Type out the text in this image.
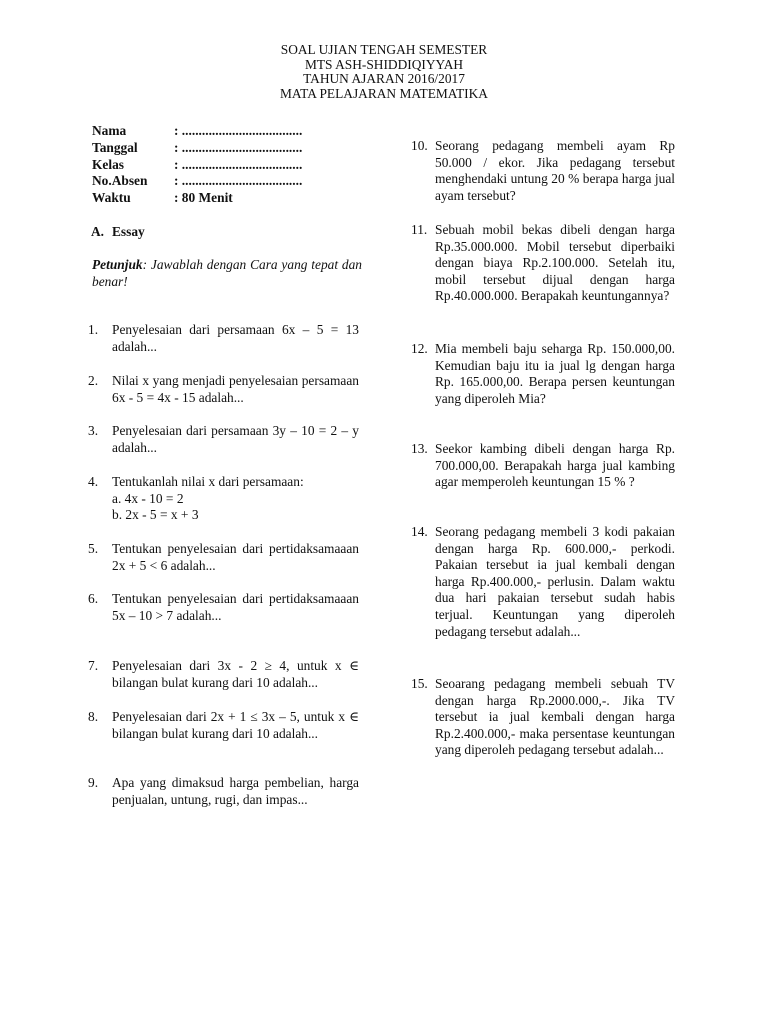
SOAL UJIAN TENGAH SEMESTER
MTS ASH-SHIDDIQIYYAH
TAHUN AJARAN 2016/2017
MATA PELAJARAN MATEMATIKA
Nama	: ....................................
Tanggal	: ....................................
Kelas	: ....................................
No.Absen	: ....................................
Waktu	: 80 Menit
A. Essay
Petunjuk: Jawablah dengan Cara yang tepat dan benar!
1.	Penyelesaian dari persamaan 6x – 5 = 13 adalah...
2.	Nilai x yang menjadi penyelesaian persamaan 6x - 5 = 4x - 15 adalah...
3.	Penyelesaian dari persamaan 3y – 10 = 2 – y adalah...
4.	Tentukanlah nilai x dari persamaan:
a. 4x - 10 = 2
b. 2x - 5 = x + 3
5.	Tentukan penyelesaian dari pertidaksamaaan 2x + 5 < 6 adalah...
6.	Tentukan penyelesaian dari pertidaksamaaan 5x – 10 > 7 adalah...
7.	Penyelesaian dari 3x - 2 ≥ 4, untuk x ∈ bilangan bulat kurang dari 10 adalah...
8.	Penyelesaian dari 2x + 1 ≤ 3x – 5, untuk x ∈ bilangan bulat kurang dari 10 adalah...
9.	Apa yang dimaksud harga pembelian, harga penjualan, untung, rugi, dan impas...
10. Seorang pedagang membeli ayam Rp 50.000 / ekor. Jika pedagang tersebut menghendaki untung 20 % berapa harga jual ayam tersebut?
11. Sebuah mobil bekas dibeli dengan harga Rp.35.000.000. Mobil tersebut diperbaiki dengan biaya Rp.2.100.000. Setelah itu, mobil tersebut dijual dengan harga Rp.40.000.000. Berapakah keuntungannya?
12. Mia membeli baju seharga Rp. 150.000,00. Kemudian baju itu ia jual lg dengan harga Rp. 165.000,00. Berapa persen keuntungan yang diperoleh Mia?
13. Seekor kambing dibeli dengan harga Rp. 700.000,00. Berapakah harga jual kambing agar memperoleh keuntungan 15 % ?
14. Seorang pedagang membeli 3 kodi pakaian dengan harga Rp. 600.000,- perkodi. Pakaian tersebut ia jual kembali dengan harga Rp.400.000,- perlusin. Dalam waktu dua hari pakaian tersebut sudah habis terjual. Keuntungan yang diperoleh pedagang tersebut adalah...
15. Seoarang pedagang membeli sebuah TV dengan harga Rp.2000.000,-. Jika TV tersebut ia jual kembali dengan harga Rp.2.400.000,- maka persentase keuntungan yang diperoleh pedagang tersebut adalah...
